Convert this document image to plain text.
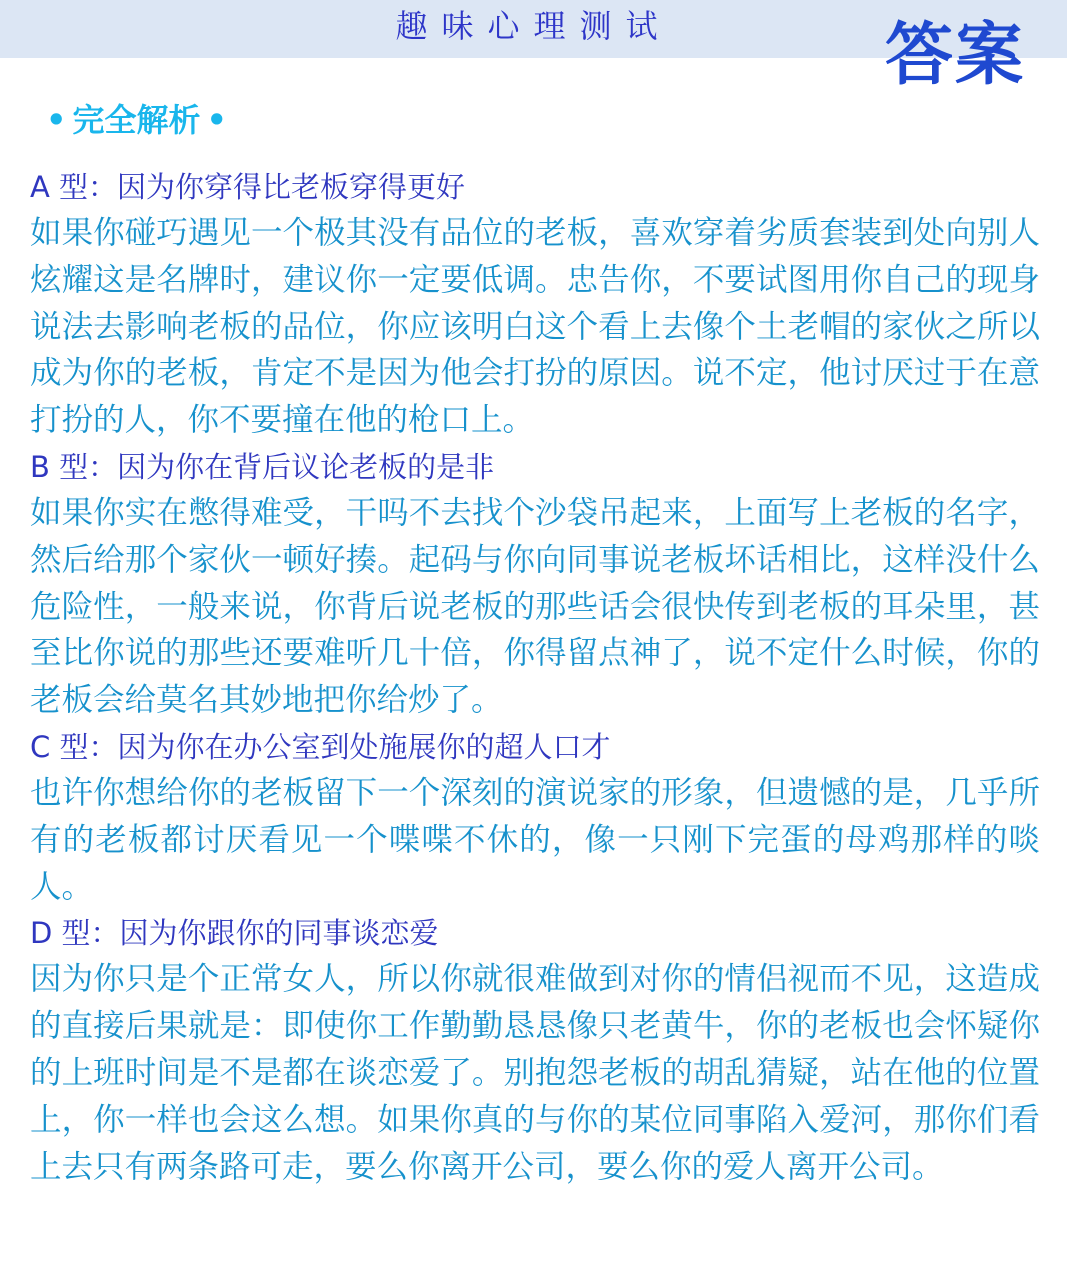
趣味心理测试	答案
• 完全解析 •

A 型：因为你穿得比老板穿得更好

如果你碰巧遇见一个极其没有品位的老板，喜欢穿着劣质套装到处向别人炫耀这是名牌时，建议你一定要低调。忠告你，不要试图用你自己的现身说法去影响老板的品位，你应该明白这个看上去像个土老帽的家伙之所以成为你的老板，肯定不是因为他会打扮的原因。说不定，他讨厌过于在意打扮的人，你不要撞在他的枪口上。

B 型：因为你在背后议论老板的是非

如果你实在憋得难受，干吗不去找个沙袋吊起来，上面写上老板的名字，然后给那个家伙一顿好揍。起码与你向同事说老板坏话相比，这样没什么危险性，一般来说，你背后说老板的那些话会很快传到老板的耳朵里，甚至比你说的那些还要难听几十倍，你得留点神了，说不定什么时候，你的老板会给莫名其妙地把你给炒了。

C 型：因为你在办公室到处施展你的超人口才

也许你想给你的老板留下一个深刻的演说家的形象，但遗憾的是，几乎所有的老板都讨厌看见一个喋喋不休的，像一只刚下完蛋的母鸡那样的啖人。

D 型：因为你跟你的同事谈恋爱

因为你只是个正常女人，所以你就很难做到对你的情侣视而不见，这造成的直接后果就是：即使你工作勤勤恳恳像只老黄牛，你的老板也会怀疑你的上班时间是不是都在谈恋爱了。别抱怨老板的胡乱猜疑，站在他的位置上，你一样也会这么想。如果你真的与你的某位同事陷入爱河，那你们看上去只有两条路可走，要么你离开公司，要么你的爱人离开公司。
